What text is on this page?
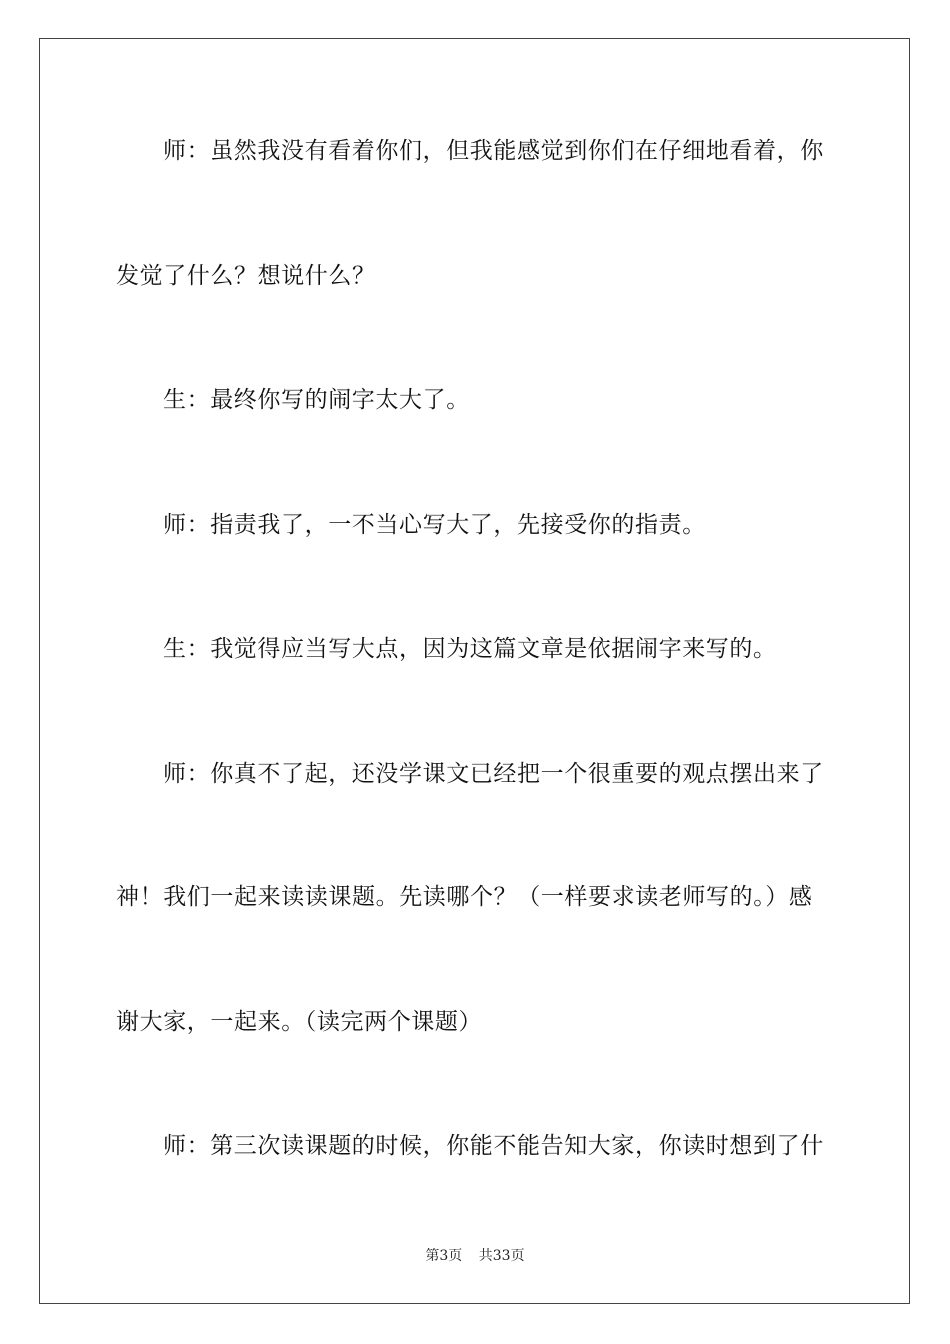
师：虽然我没有看着你们，但我能感觉到你们在仔细地看着，你
发觉了什么？想说什么？
生：最终你写的闹字太大了。
师：指责我了，一不当心写大了，先接受你的指责。
生：我觉得应当写大点，因为这篇文章是依据闹字来写的。
师：你真不了起，还没学课文已经把一个很重要的观点摆出来了
神！我们一起来读读课题。先读哪个？（一样要求读老师写的。）感
谢大家，一起来。（读完两个课题）
师：第三次读课题的时候，你能不能告知大家，你读时想到了什
第3页 共33页
